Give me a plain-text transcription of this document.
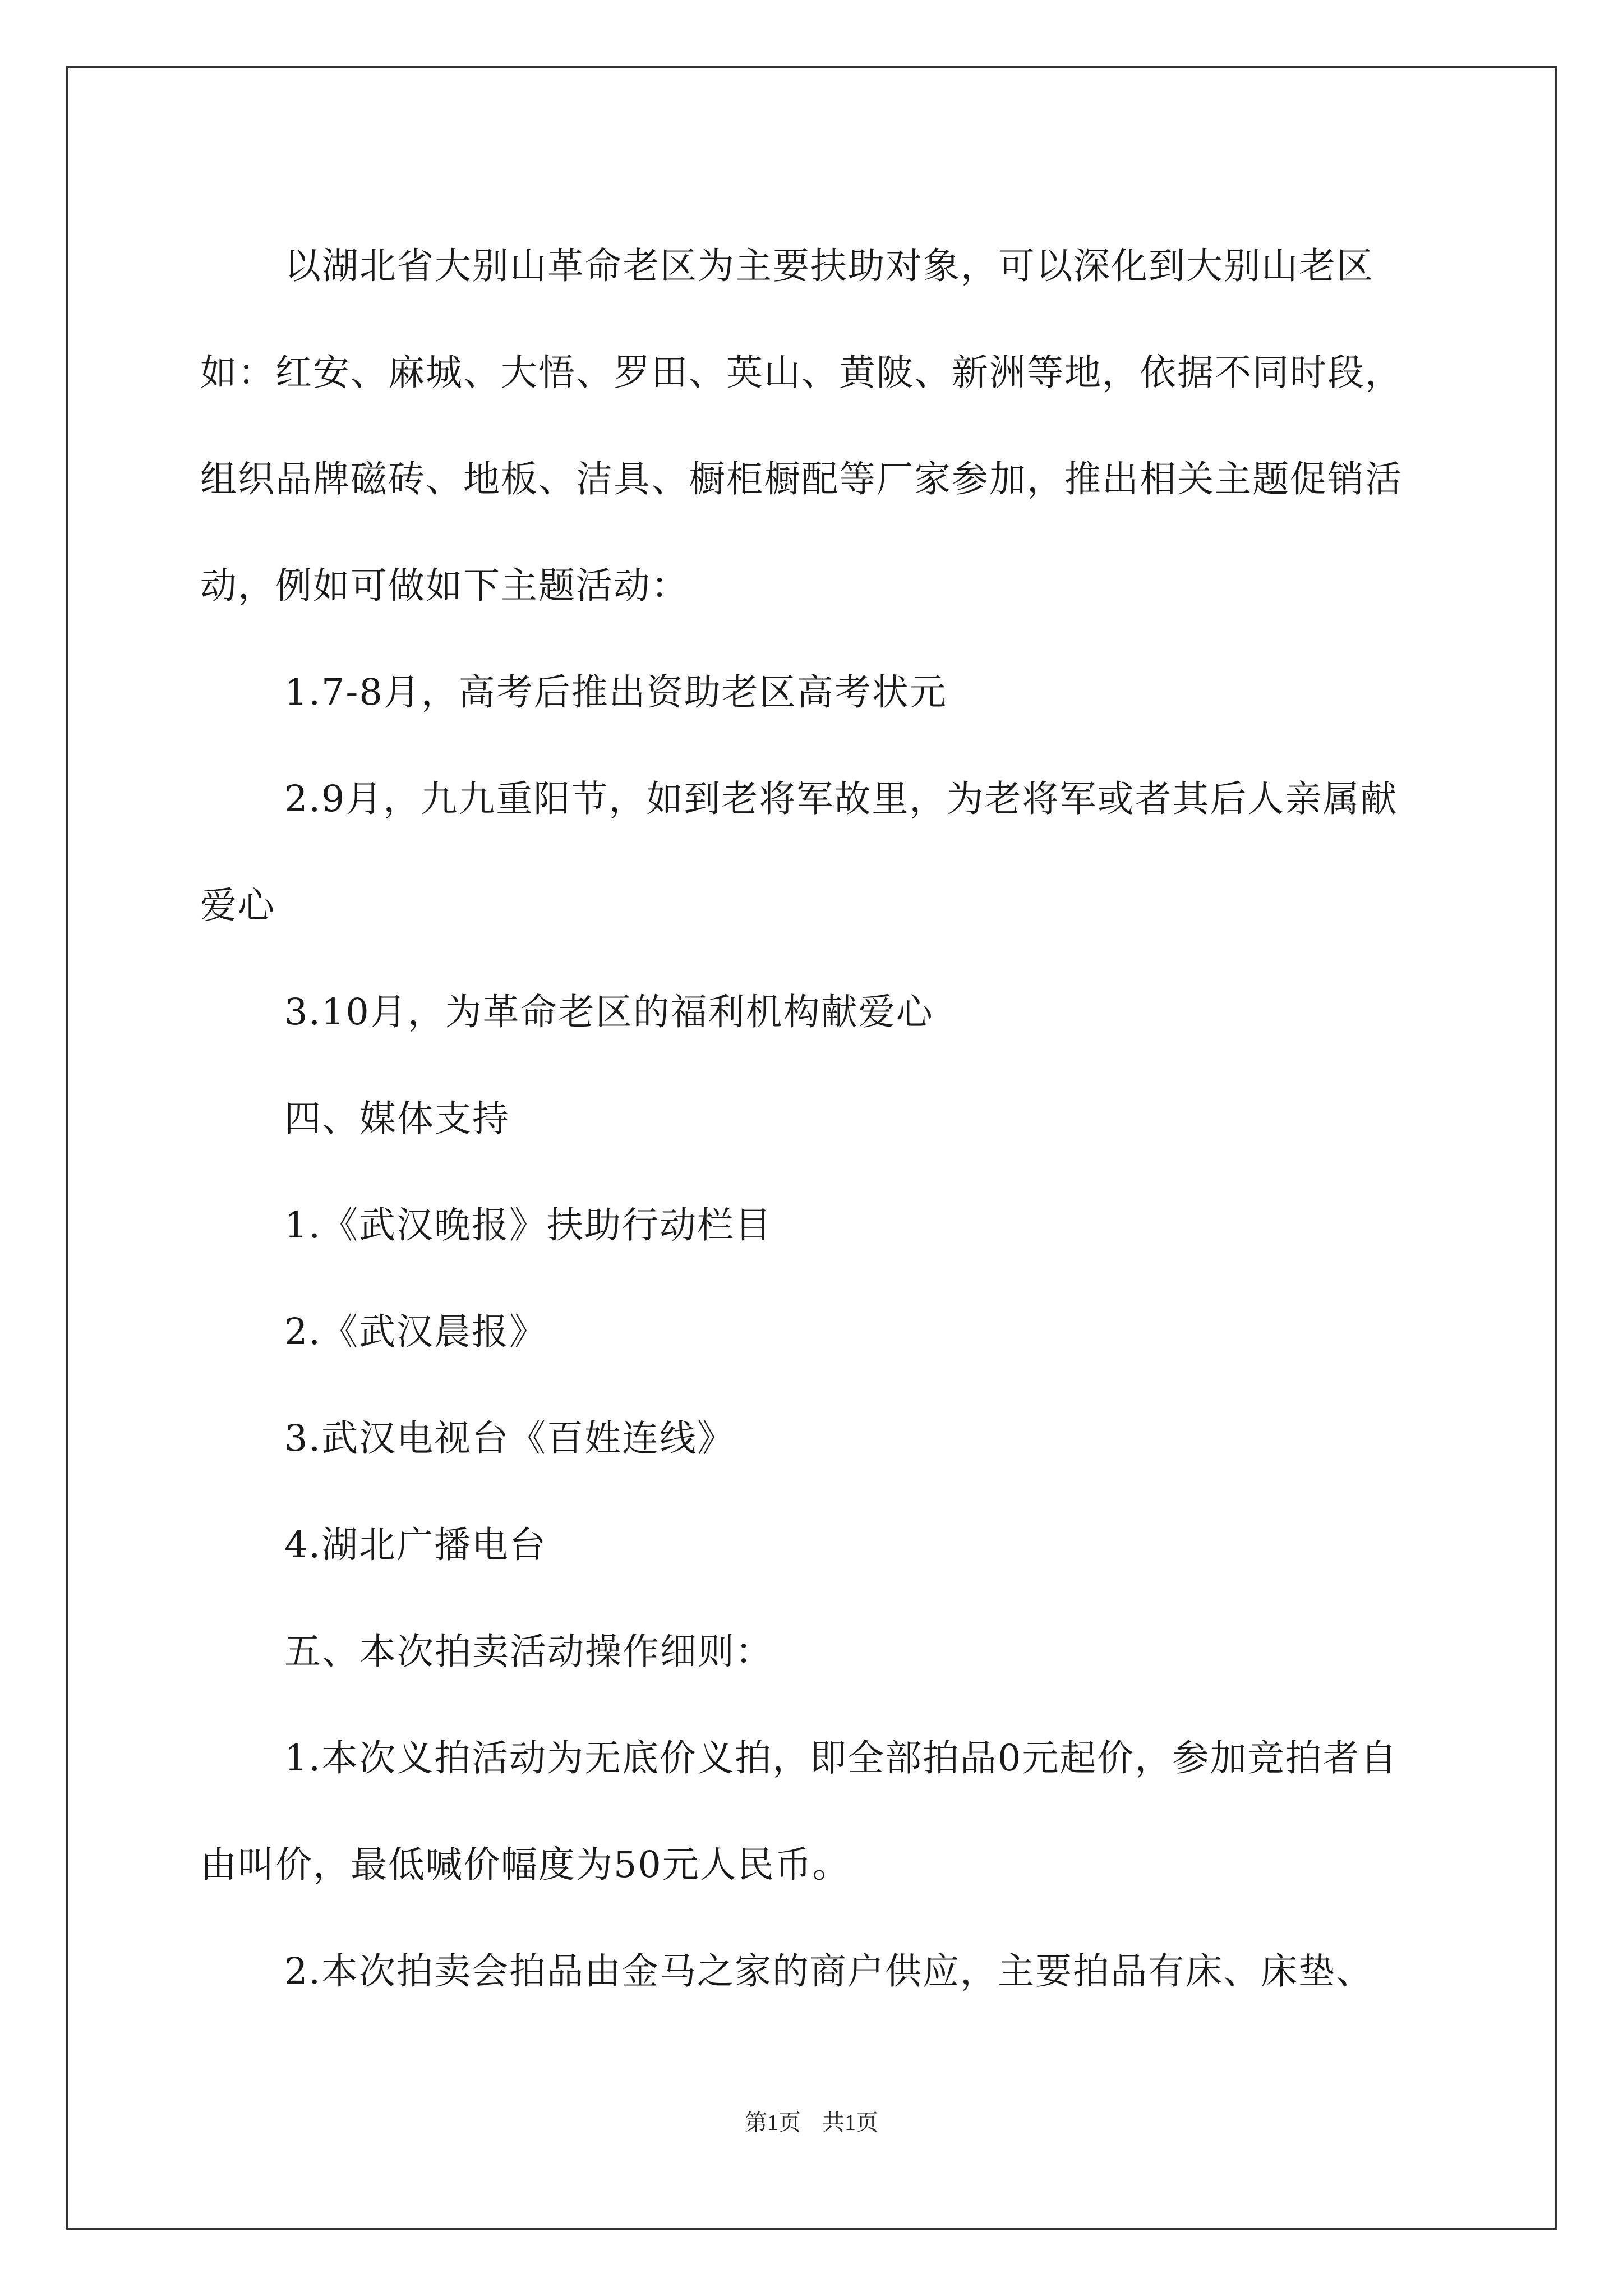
以湖北省大别山革命老区为主要扶助对象，可以深化到大别山老区如：红安、麻城、大悟、罗田、英山、黄陂、新洲等地，依据不同时段，组织品牌磁砖、地板、洁具、橱柜橱配等厂家参加，推出相关主题促销活动，例如可做如下主题活动：

1.7-8月，高考后推出资助老区高考状元

2.9月，九九重阳节，如到老将军故里，为老将军或者其后人亲属献爱心

3.10月，为革命老区的福利机构献爱心

四、媒体支持

1.《武汉晚报》扶助行动栏目

2.《武汉晨报》

3.武汉电视台《百姓连线》

4.湖北广播电台

五、本次拍卖活动操作细则：

1.本次义拍活动为无底价义拍，即全部拍品0元起价，参加竞拍者自由叫价，最低喊价幅度为50元人民币。

2.本次拍卖会拍品由金马之家的商户供应，主要拍品有床、床垫、

第1页 共1页
